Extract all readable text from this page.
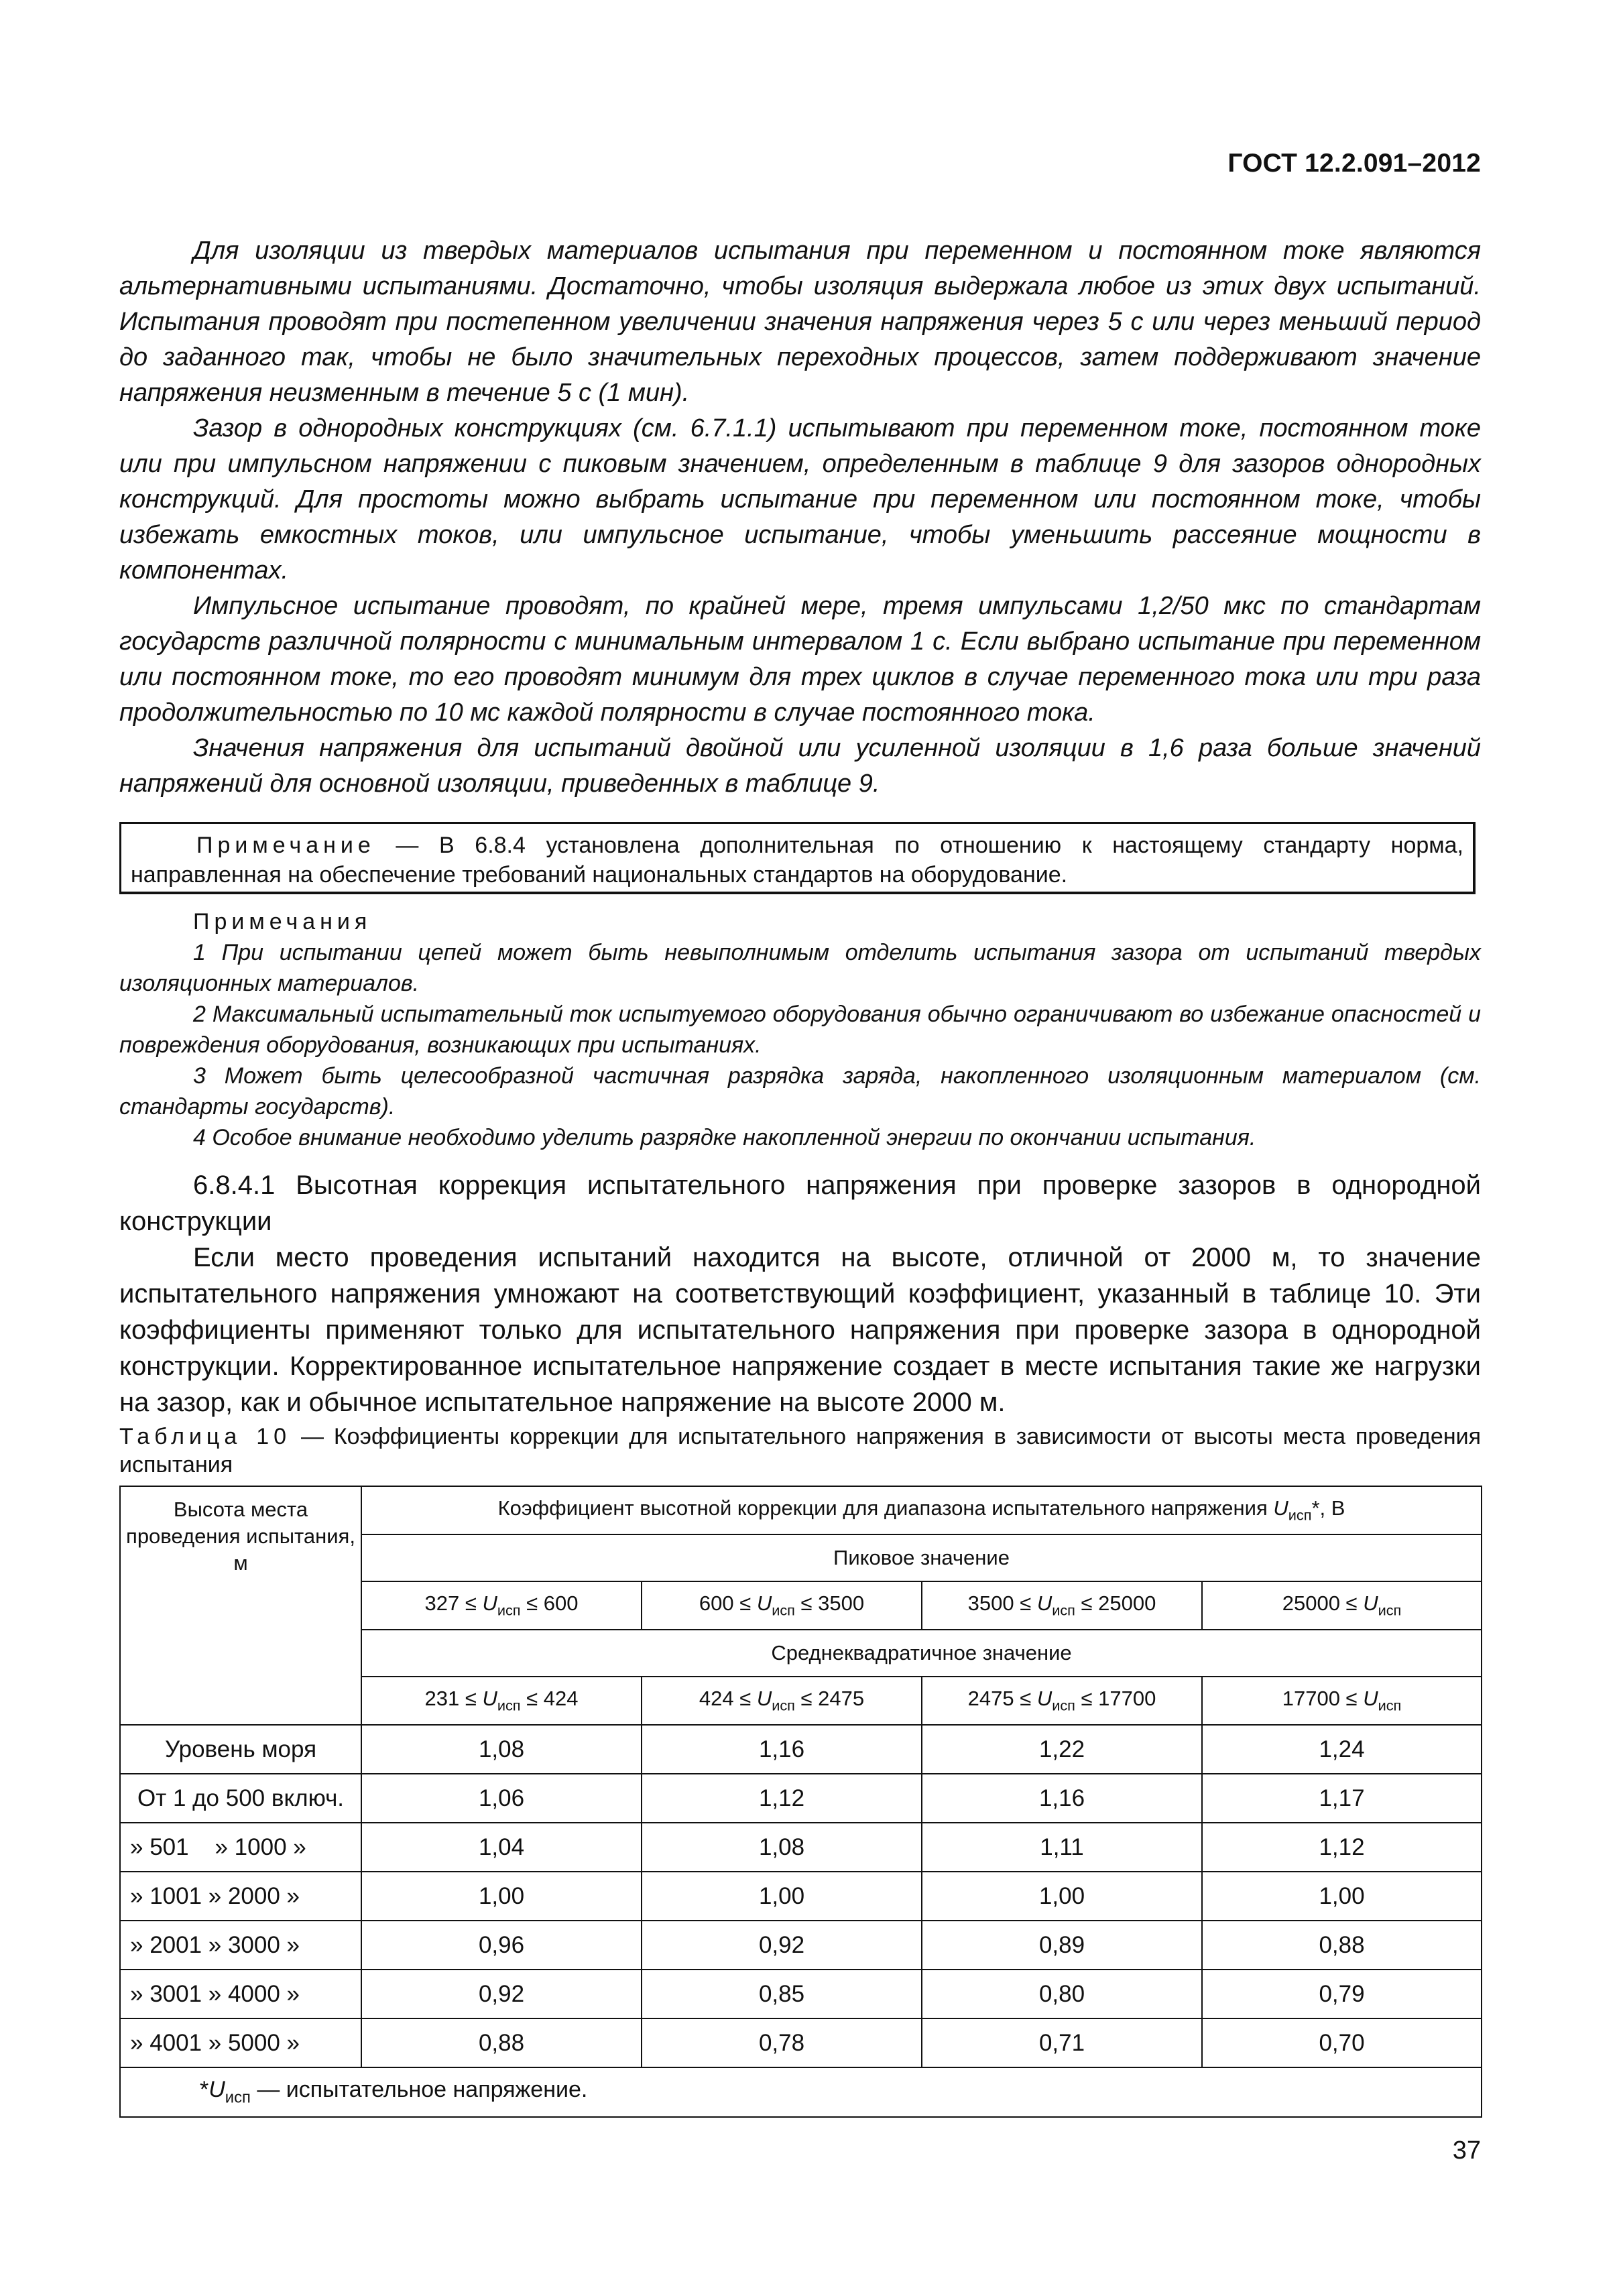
ГОСТ 12.2.091–2012

Для изоляции из твердых материалов испытания при переменном и постоянном токе являются альтернативными испытаниями. Достаточно, чтобы изоляция выдержала любое из этих двух испытаний. Испытания проводят при постепенном увеличении значения напряжения через 5 с или через меньший период до заданного так, чтобы не было значительных переходных процессов, затем поддерживают значение напряжения неизменным в течение 5 с (1 мин).

Зазор в однородных конструкциях (см. 6.7.1.1) испытывают при переменном токе, постоянном токе или при импульсном напряжении с пиковым значением, определенным в таблице 9 для зазоров однородных конструкций. Для простоты можно выбрать испытание при переменном или постоянном токе, чтобы избежать емкостных токов, или импульсное испытание, чтобы уменьшить рассеяние мощности в компонентах.

Импульсное испытание проводят, по крайней мере, тремя импульсами 1,2/50 мкс по стандартам государств различной полярности с минимальным интервалом 1 с. Если выбрано испытание при переменном или постоянном токе, то его проводят минимум для трех циклов в случае переменного тока или три раза продолжительностью по 10 мс каждой полярности в случае постоянного тока.

Значения напряжения для испытаний двойной или усиленной изоляции в 1,6 раза больше значений напряжений для основной изоляции, приведенных в таблице 9.

Примечание — В 6.8.4 установлена дополнительная по отношению к настоящему стандарту норма, направленная на обеспечение требований национальных стандартов на оборудование.

Примечания

1 При испытании цепей может быть невыполнимым отделить испытания зазора от испытаний твердых изоляционных материалов.

2 Максимальный испытательный ток испытуемого оборудования обычно ограничивают во избежание опасностей и повреждения оборудования, возникающих при испытаниях.

3 Может быть целесообразной частичная разрядка заряда, накопленного изоляционным материалом (см. стандарты государств).

4 Особое внимание необходимо уделить разрядке накопленной энергии по окончании испытания.

6.8.4.1 Высотная коррекция испытательного напряжения при проверке зазоров в однородной конструкции

Если место проведения испытаний находится на высоте, отличной от 2000 м, то значение испытательного напряжения умножают на соответствующий коэффициент, указанный в таблице 10. Эти коэффициенты применяют только для испытательного напряжения при проверке зазора в однородной конструкции. Корректированное испытательное напряжение создает в месте испытания такие же нагрузки на зазор, как и обычное испытательное напряжение на высоте 2000 м.

Таблица 10 — Коэффициенты коррекции для испытательного напряжения в зависимости от высоты места проведения испытания

Высота места проведения испытания, м	Коэффициент высотной коррекции для диапазона испытательного напряжения $U_{исп}*$, В			
	Пиковое значение			
	$327 \le U_{исп} \le 600$	$600 \le U_{исп} \le 3500$	$3500 \le U_{исп} \le 25000$	$25000 \le U_{исп}$
	Среднеквадратичное значение			
	$231 \le U_{исп} \le 424$	$424 \le U_{исп} \le 2475$	$2475 \le U_{исп} \le 17700$	$17700 \le U_{исп}$
Уровень моря	1,08	1,16	1,22	1,24
От 1 до 500 включ.	1,06	1,12	1,16	1,17
» 501    » 1000 »	1,04	1,08	1,11	1,12
» 1001 » 2000 »	1,00	1,00	1,00	1,00
» 2001 » 3000 »	0,96	0,92	0,89	0,88
» 3001 » 4000 »	0,92	0,85	0,80	0,79
» 4001 » 5000 »	0,88	0,78	0,71	0,70
$*U_{исп}$ — испытательное напряжение.				
37
